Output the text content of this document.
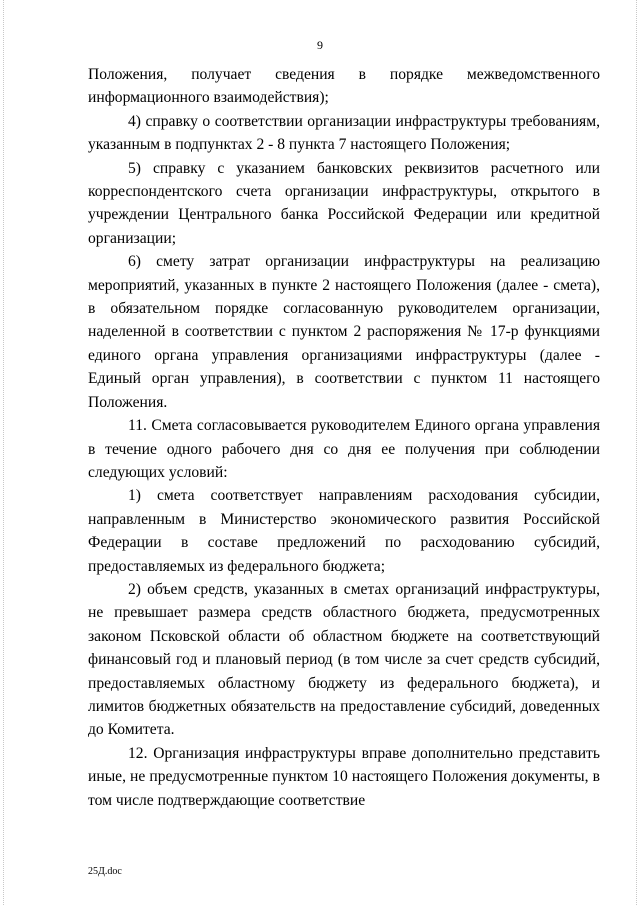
9

Положения, получает сведения в порядке межведомственного информационного взаимодействия);

4) справку о соответствии организации инфраструктуры требованиям, указанным в подпунктах 2 - 8 пункта 7 настоящего Положения;

5) справку с указанием банковских реквизитов расчетного или корреспондентского счета организации инфраструктуры, открытого в учреждении Центрального банка Российской Федерации или кредитной организации;

6) смету затрат организации инфраструктуры на реализацию мероприятий, указанных в пункте 2 настоящего Положения (далее - смета), в обязательном порядке согласованную руководителем организации, наделенной в соответствии с пунктом 2 распоряжения № 17-р функциями единого органа управления организациями инфраструктуры (далее - Единый орган управления), в соответствии с пунктом 11 настоящего Положения.

11. Смета согласовывается руководителем Единого органа управления в течение одного рабочего дня со дня ее получения при соблюдении следующих условий:

1) смета соответствует направлениям расходования субсидии, направленным в Министерство экономического развития Российской Федерации в составе предложений по расходованию субсидий, предоставляемых из федерального бюджета;

2) объем средств, указанных в сметах организаций инфраструктуры, не превышает размера средств областного бюджета, предусмотренных законом Псковской области об областном бюджете на соответствующий финансовый год и плановый период (в том числе за счет средств субсидий, предоставляемых областному бюджету из федерального бюджета), и лимитов бюджетных обязательств на предоставление субсидий, доведенных до Комитета.

12. Организация инфраструктуры вправе дополнительно представить иные, не предусмотренные пунктом 10 настоящего Положения документы, в том числе подтверждающие соответствие

25Д.doc
